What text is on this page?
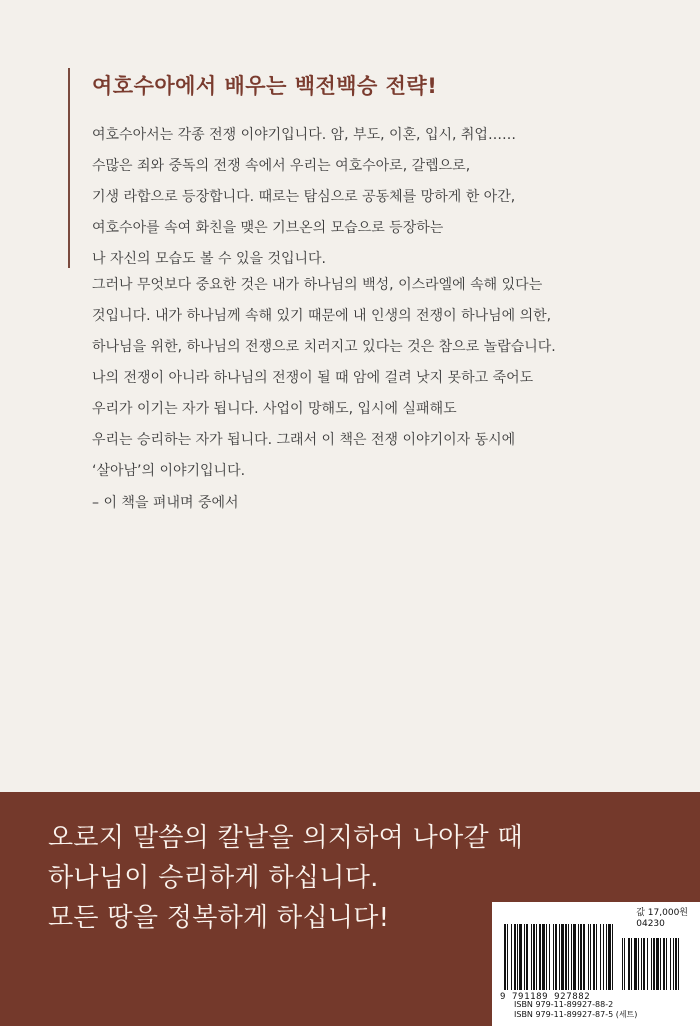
여호수아에서 배우는 백전백승 전략!

여호수아서는 각종 전쟁 이야기입니다. 암, 부도, 이혼, 입시, 취업……
수많은 죄와 중독의 전쟁 속에서 우리는 여호수아로, 갈렙으로,
기생 라합으로 등장합니다. 때로는 탐심으로 공동체를 망하게 한 아간,
여호수아를 속여 화친을 맺은 기브온의 모습으로 등장하는
나 자신의 모습도 볼 수 있을 것입니다.

그러나 무엇보다 중요한 것은 내가 하나님의 백성, 이스라엘에 속해 있다는
것입니다. 내가 하나님께 속해 있기 때문에 내 인생의 전쟁이 하나님에 의한,
하나님을 위한, 하나님의 전쟁으로 치러지고 있다는 것은 참으로 놀랍습니다.
나의 전쟁이 아니라 하나님의 전쟁이 될 때 암에 걸려 낫지 못하고 죽어도
우리가 이기는 자가 됩니다. 사업이 망해도, 입시에 실패해도
우리는 승리하는 자가 됩니다. 그래서 이 책은 전쟁 이야기이자 동시에
‘살아남’의 이야기입니다.

– 이 책을 펴내며 중에서

오로지 말씀의 칼날을 의지하여 나아갈 때
하나님이 승리하게 하십니다.
모든 땅을 정복하게 하십니다!	값 17,000원
04230
9 791189 927882
ISBN 979-11-89927-88-2
ISBN 979-11-89927-87-5 (세트)
